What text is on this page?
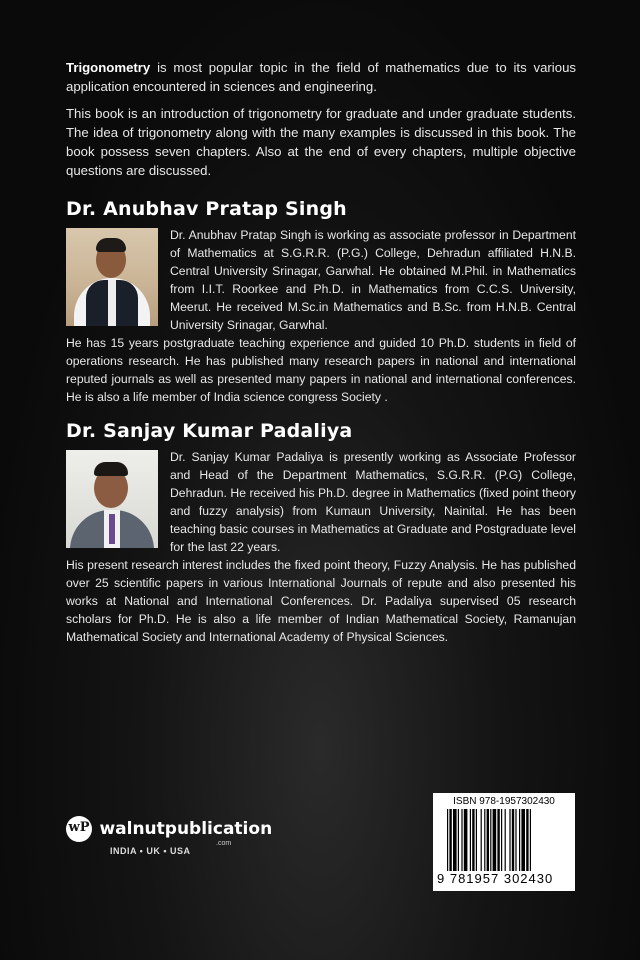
Trigonometry is most popular topic in the field of mathematics due to its various application encountered in sciences and engineering.

This book is an introduction of trigonometry for graduate and under graduate students. The idea of trigonometry along with the many examples is discussed in this book. The book possess seven chapters. Also at the end of every chapters, multiple objective questions are discussed.

Dr. Anubhav Pratap Singh
Dr. Anubhav Pratap Singh is working as associate professor in Department of Mathematics at S.G.R.R. (P.G.) College, Dehradun affiliated H.N.B. Central University Srinagar, Garwhal. He obtained M.Phil. in Mathematics from I.I.T. Roorkee and Ph.D. in Mathematics from C.C.S. University, Meerut. He received M.Sc.in Mathematics and B.Sc. from H.N.B. Central University Srinagar, Garwhal.
He has 15 years postgraduate teaching experience and guided 10 Ph.D. students in field of operations research. He has published many research papers in national and international reputed journals as well as presented many papers in national and international conferences. He is also a life member of India science congress Society .
Dr. Sanjay Kumar Padaliya
Dr. Sanjay Kumar Padaliya is presently working as Associate Professor and Head of the Department Mathematics, S.G.R.R. (P.G) College, Dehradun. He received his Ph.D. degree in Mathematics (fixed point theory and fuzzy analysis) from Kumaun University, Nainital. He has been teaching basic courses in Mathematics at Graduate and Postgraduate level for the last 22 years.
His present research interest includes the fixed point theory, Fuzzy Analysis. He has published over 25 scientific papers in various International Journals of repute and also presented his works at National and International Conferences. Dr. Padaliya supervised 05 research scholars for Ph.D. He is also a life member of Indian Mathematical Society, Ramanujan Mathematical Society and International Academy of Physical Sciences.
wP walnutpublication
.com
INDIA • UK • USA
ISBN 978-1957302430
9 781957 302430
